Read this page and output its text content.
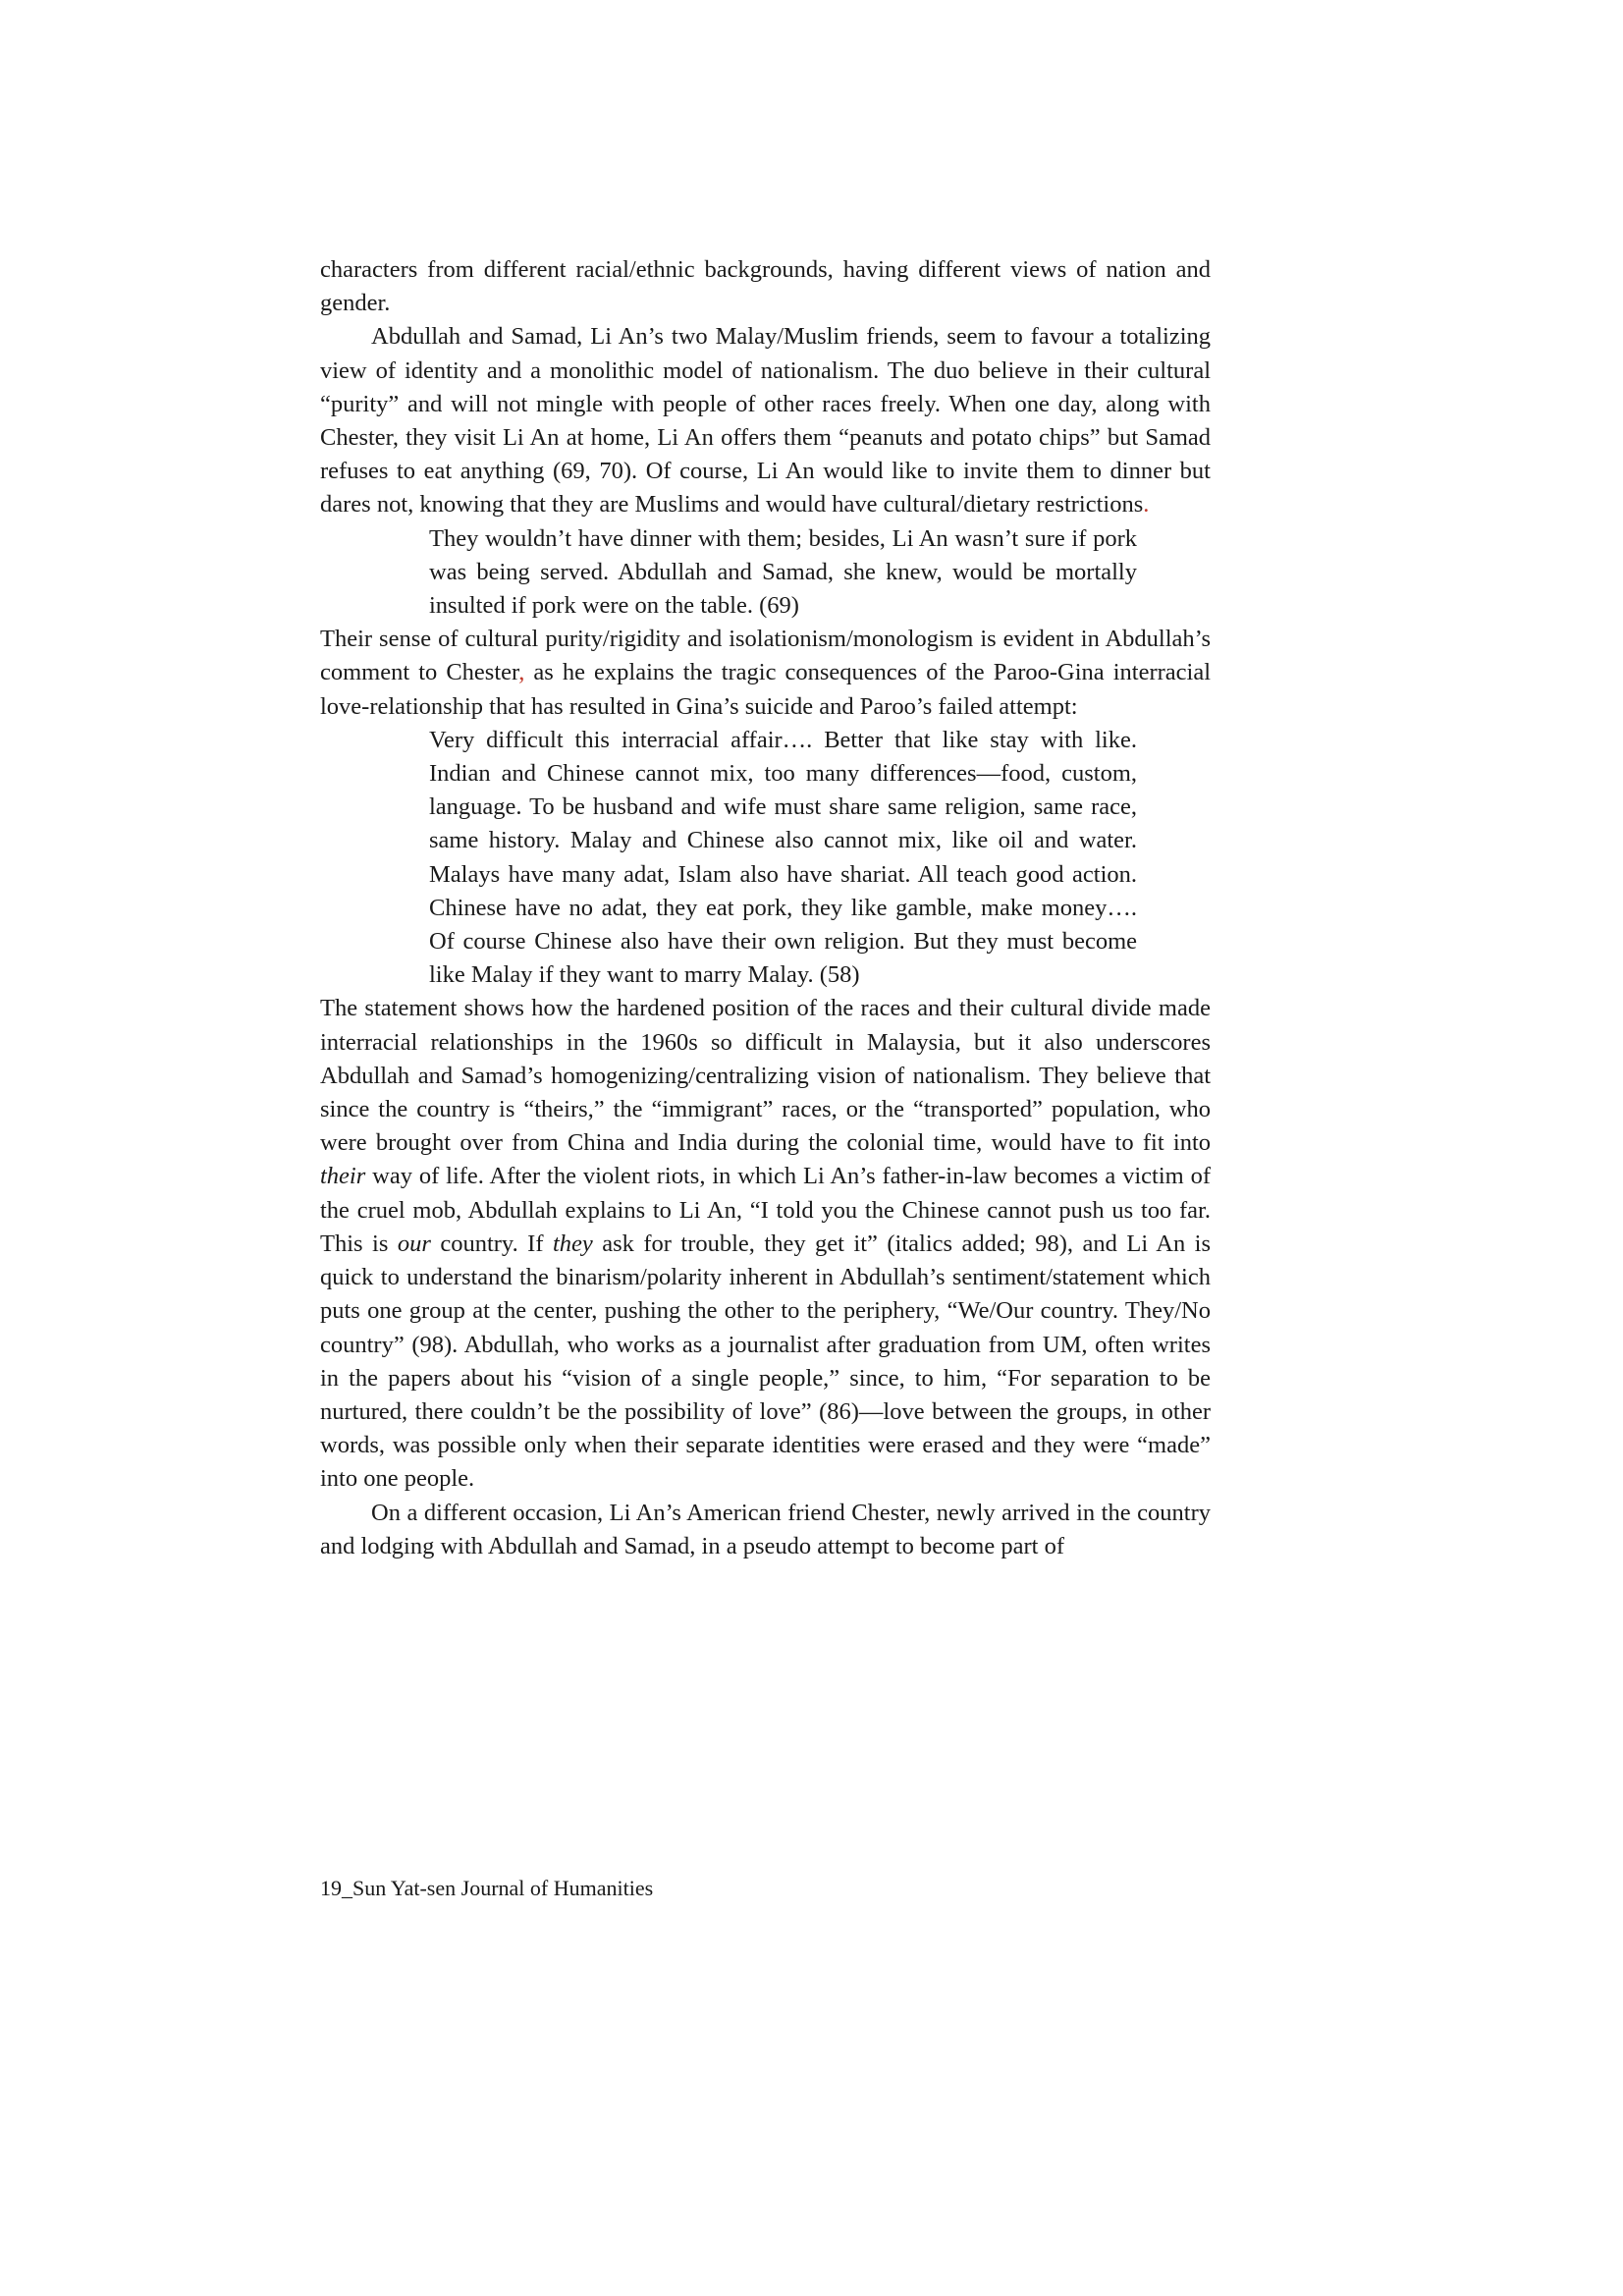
characters from different racial/ethnic backgrounds, having different views of nation and gender.

Abdullah and Samad, Li An’s two Malay/Muslim friends, seem to favour a totalizing view of identity and a monolithic model of nationalism. The duo believe in their cultural “purity” and will not mingle with people of other races freely. When one day, along with Chester, they visit Li An at home, Li An offers them “peanuts and potato chips” but Samad refuses to eat anything (69, 70). Of course, Li An would like to invite them to dinner but dares not, knowing that they are Muslims and would have cultural/dietary restrictions.

They wouldn’t have dinner with them; besides, Li An wasn’t sure if pork was being served. Abdullah and Samad, she knew, would be mortally insulted if pork were on the table. (69)

Their sense of cultural purity/rigidity and isolationism/monologism is evident in Abdullah’s comment to Chester, as he explains the tragic consequences of the Paroo-Gina interracial love-relationship that has resulted in Gina’s suicide and Paroo’s failed attempt:

Very difficult this interracial affair…. Better that like stay with like. Indian and Chinese cannot mix, too many differences—food, custom, language. To be husband and wife must share same religion, same race, same history. Malay and Chinese also cannot mix, like oil and water. Malays have many adat, Islam also have shariat. All teach good action. Chinese have no adat, they eat pork, they like gamble, make money…. Of course Chinese also have their own religion. But they must become like Malay if they want to marry Malay. (58)

The statement shows how the hardened position of the races and their cultural divide made interracial relationships in the 1960s so difficult in Malaysia, but it also underscores Abdullah and Samad’s homogenizing/centralizing vision of nationalism. They believe that since the country is “theirs,” the “immigrant” races, or the “transported” population, who were brought over from China and India during the colonial time, would have to fit into their way of life. After the violent riots, in which Li An’s father-in-law becomes a victim of the cruel mob, Abdullah explains to Li An, “I told you the Chinese cannot push us too far. This is our country. If they ask for trouble, they get it” (italics added; 98), and Li An is quick to understand the binarism/polarity inherent in Abdullah’s sentiment/statement which puts one group at the center, pushing the other to the periphery, “We/Our country. They/No country” (98). Abdullah, who works as a journalist after graduation from UM, often writes in the papers about his “vision of a single people,” since, to him, “For separation to be nurtured, there couldn’t be the possibility of love” (86)—love between the groups, in other words, was possible only when their separate identities were erased and they were “made” into one people.

On a different occasion, Li An’s American friend Chester, newly arrived in the country and lodging with Abdullah and Samad, in a pseudo attempt to become part of

19_Sun Yat-sen Journal of Humanities
